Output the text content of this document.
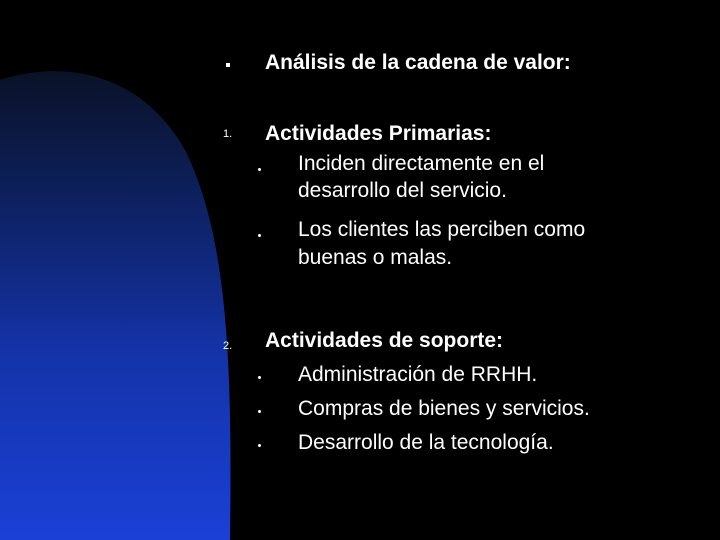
Análisis de la cadena de valor:
1. Actividades Primarias:
Inciden directamente en el
desarrollo del servicio.
Los clientes las perciben como
buenas o malas.
2. Actividades de soporte:
Administración de RRHH.
Compras de bienes y servicios.
Desarrollo de la tecnología.
